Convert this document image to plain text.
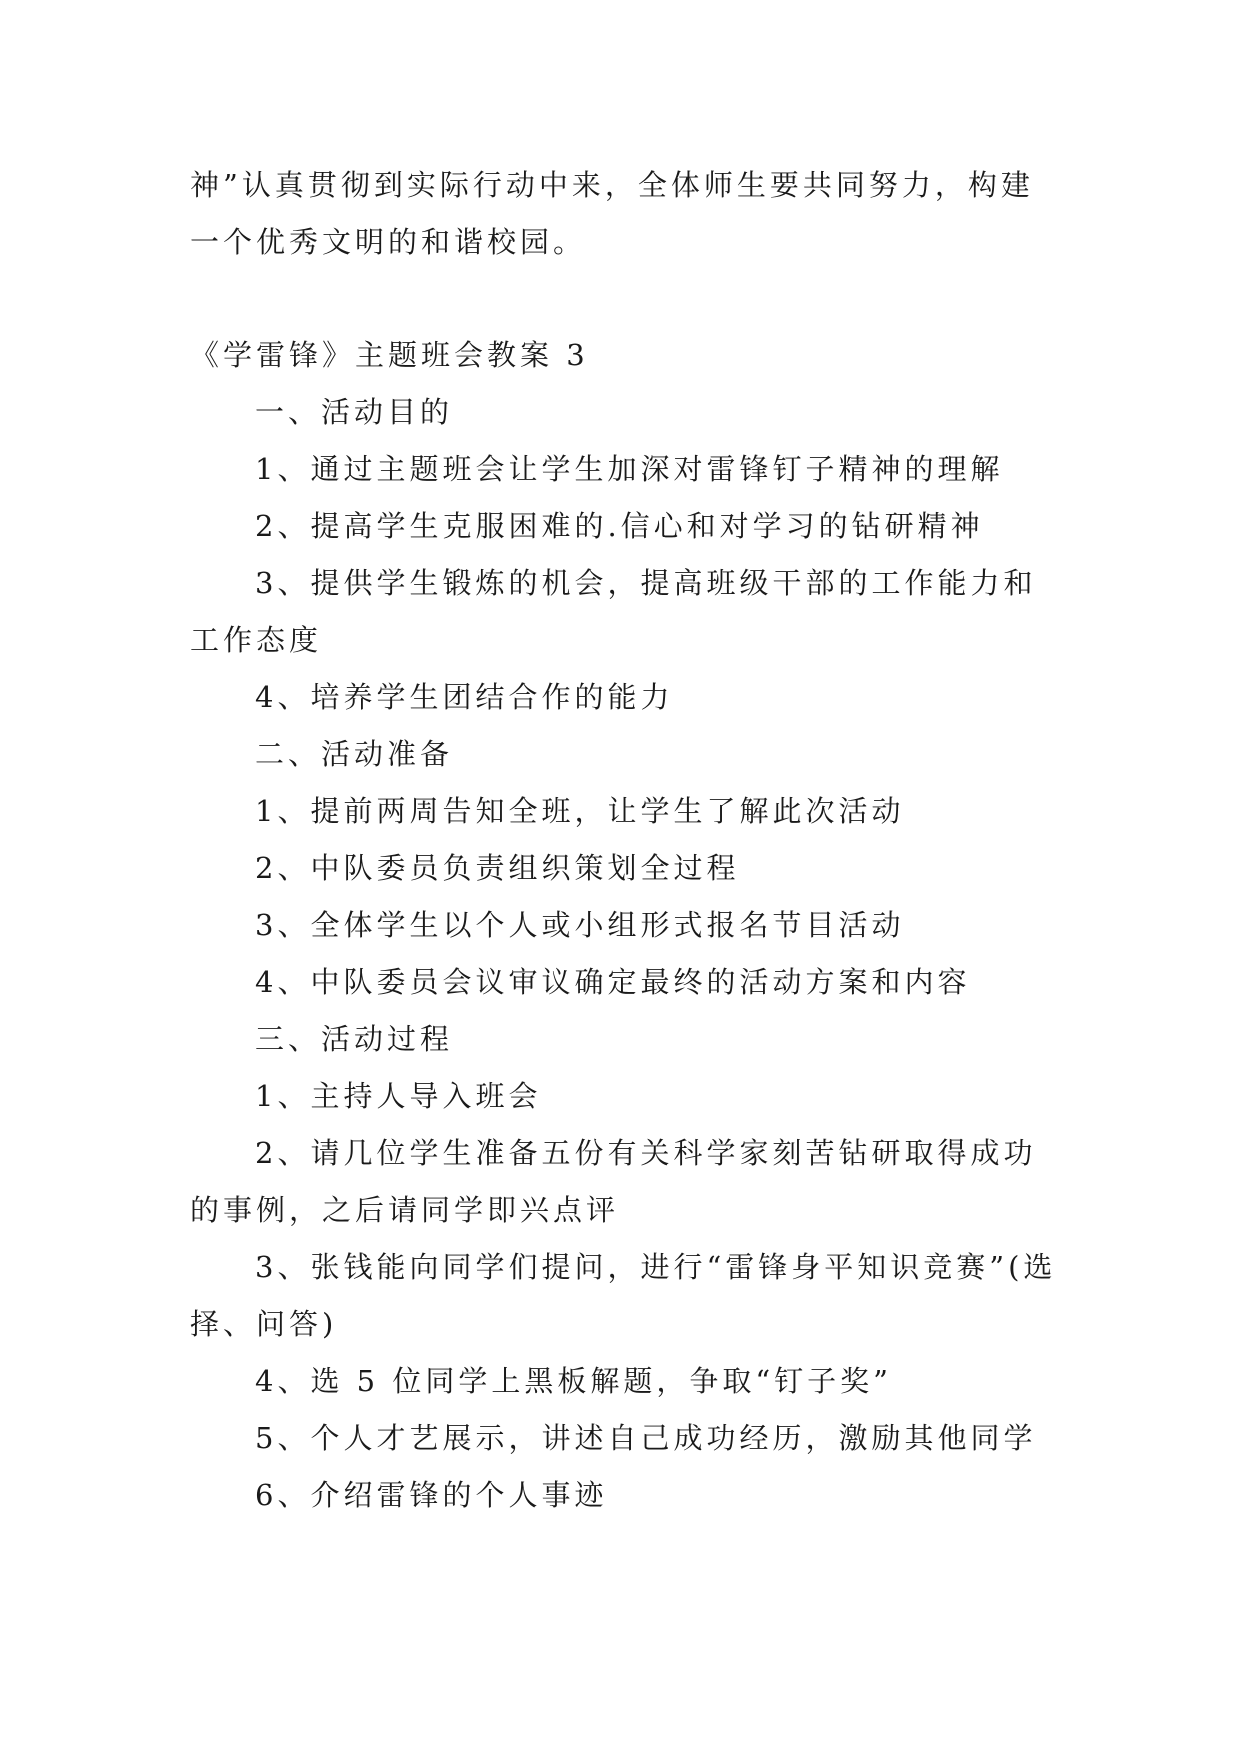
神”认真贯彻到实际行动中来，全体师生要共同努力，构建
一个优秀文明的和谐校园。
《学雷锋》主题班会教案 3
一、活动目的
1、通过主题班会让学生加深对雷锋钉子精神的理解
2、提高学生克服困难的.信心和对学习的钻研精神
3、提供学生锻炼的机会，提高班级干部的工作能力和
工作态度
4、培养学生团结合作的能力
二、活动准备
1、提前两周告知全班，让学生了解此次活动
2、中队委员负责组织策划全过程
3、全体学生以个人或小组形式报名节目活动
4、中队委员会议审议确定最终的活动方案和内容
三、活动过程
1、主持人导入班会
2、请几位学生准备五份有关科学家刻苦钻研取得成功
的事例，之后请同学即兴点评
3、张钱能向同学们提问，进行“雷锋身平知识竞赛”(选
择、问答)
4、选 5 位同学上黑板解题，争取“钉子奖”
5、个人才艺展示，讲述自己成功经历，激励其他同学
6、介绍雷锋的个人事迹
